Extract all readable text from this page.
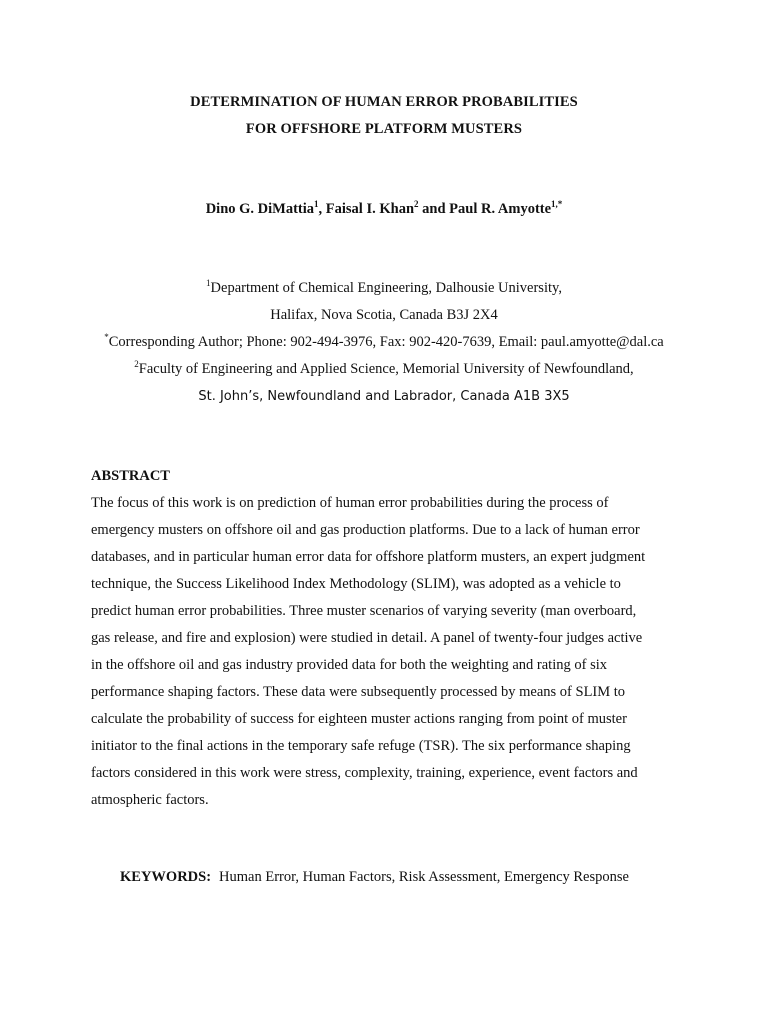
DETERMINATION OF HUMAN ERROR PROBABILITIES
FOR OFFSHORE PLATFORM MUSTERS
Dino G. DiMattia$^1$, Faisal I. Khan$^2$ and Paul R. Amyotte$^{1,*}$
$^1$Department of Chemical Engineering, Dalhousie University,
Halifax, Nova Scotia, Canada B3J 2X4
*Corresponding Author; Phone: 902-494-3976, Fax: 902-420-7639, Email: paul.amyotte@dal.ca
$^2$Faculty of Engineering and Applied Science, Memorial University of Newfoundland,
St. John’s, Newfoundland and Labrador, Canada A1B 3X5
ABSTRACT
The focus of this work is on prediction of human error probabilities during the process of
emergency musters on offshore oil and gas production platforms. Due to a lack of human error
databases, and in particular human error data for offshore platform musters, an expert judgment
technique, the Success Likelihood Index Methodology (SLIM), was adopted as a vehicle to
predict human error probabilities. Three muster scenarios of varying severity (man overboard,
gas release, and fire and explosion) were studied in detail. A panel of twenty-four judges active
in the offshore oil and gas industry provided data for both the weighting and rating of six
performance shaping factors. These data were subsequently processed by means of SLIM to
calculate the probability of success for eighteen muster actions ranging from point of muster
initiator to the final actions in the temporary safe refuge (TSR). The six performance shaping
factors considered in this work were stress, complexity, training, experience, event factors and
atmospheric factors.
KEYWORDS: Human Error, Human Factors, Risk Assessment, Emergency Response
